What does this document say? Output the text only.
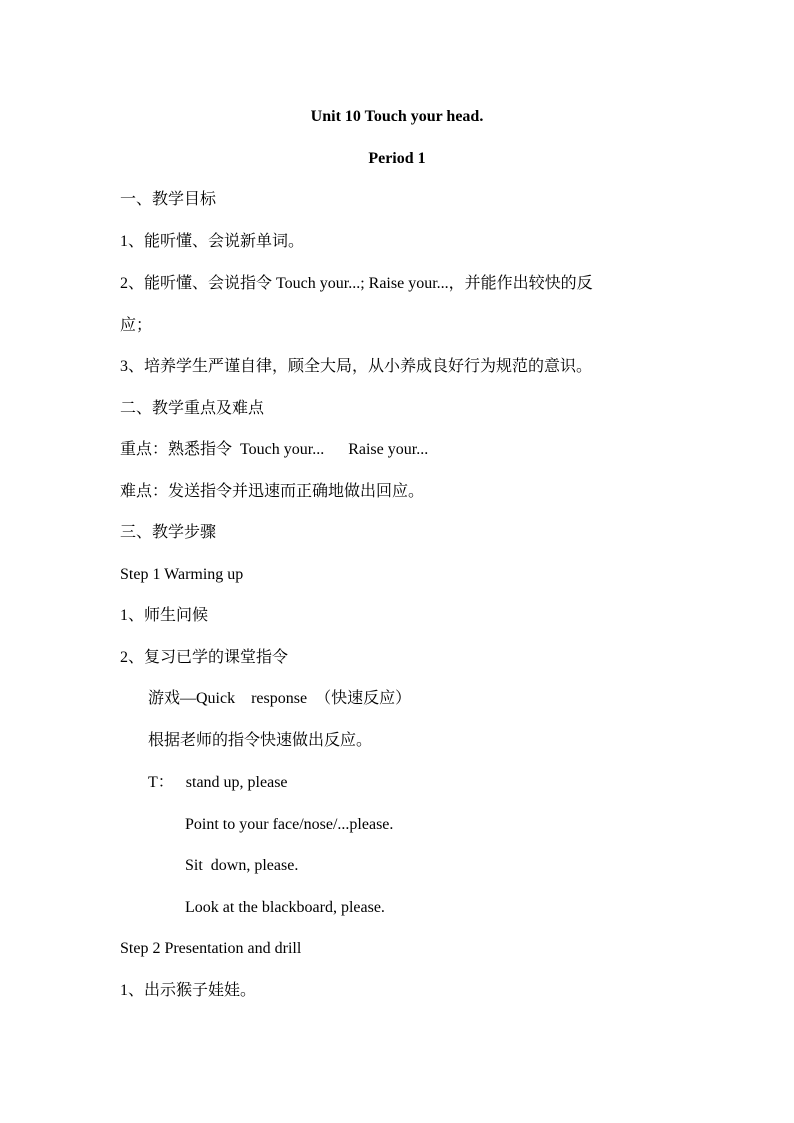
Unit 10 Touch your head.
Period 1
一、教学目标
1、能听懂、会说新单词。
2、能听懂、会说指令 Touch your...; Raise your...，并能作出较快的反
应；
3、培养学生严谨自律，顾全大局，从小养成良好行为规范的意识。
二、教学重点及难点
重点：熟悉指令  Touch your...      Raise your...
难点：发送指令并迅速而正确地做出回应。
三、教学步骤
Step 1 Warming up
1、师生问候
2、复习已学的课堂指令
游戏—Quick    response  （快速反应）
根据老师的指令快速做出反应。
T：   stand up, please
Point to your face/nose/...please.
Sit  down, please.
Look at the blackboard, please.
Step 2 Presentation and drill
1、出示猴子娃娃。
